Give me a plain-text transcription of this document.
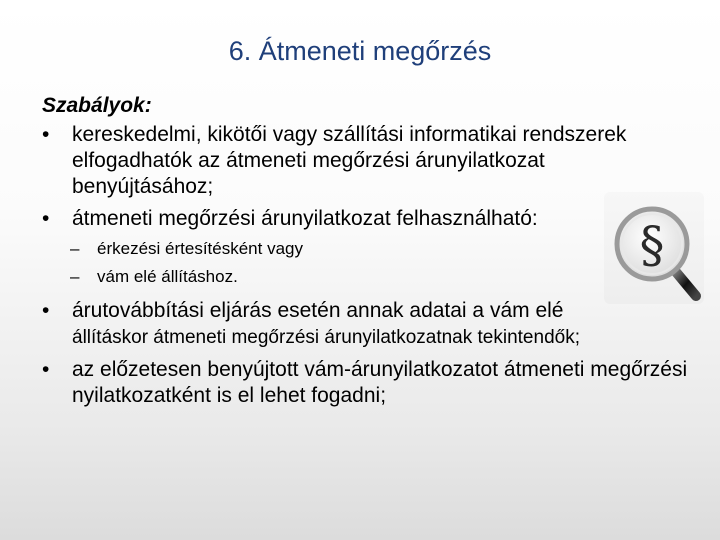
6. Átmeneti megőrzés
Szabályok:
• kereskedelmi, kikötői vagy szállítási informatikai rendszerek elfogadhatók az átmeneti megőrzési árunyilatkozat benyújtásához;
• átmeneti megőrzési árunyilatkozat felhasználható:
– érkezési értesítésként vagy
– vám elé állításhoz.
• árutovábbítási eljárás esetén annak adatai a vám elé
állításkor átmeneti megőrzési árunyilatkozatnak tekintendők;
• az előzetesen benyújtott vám-árunyilatkozatot átmeneti megőrzési nyilatkozatként is el lehet fogadni;
§
